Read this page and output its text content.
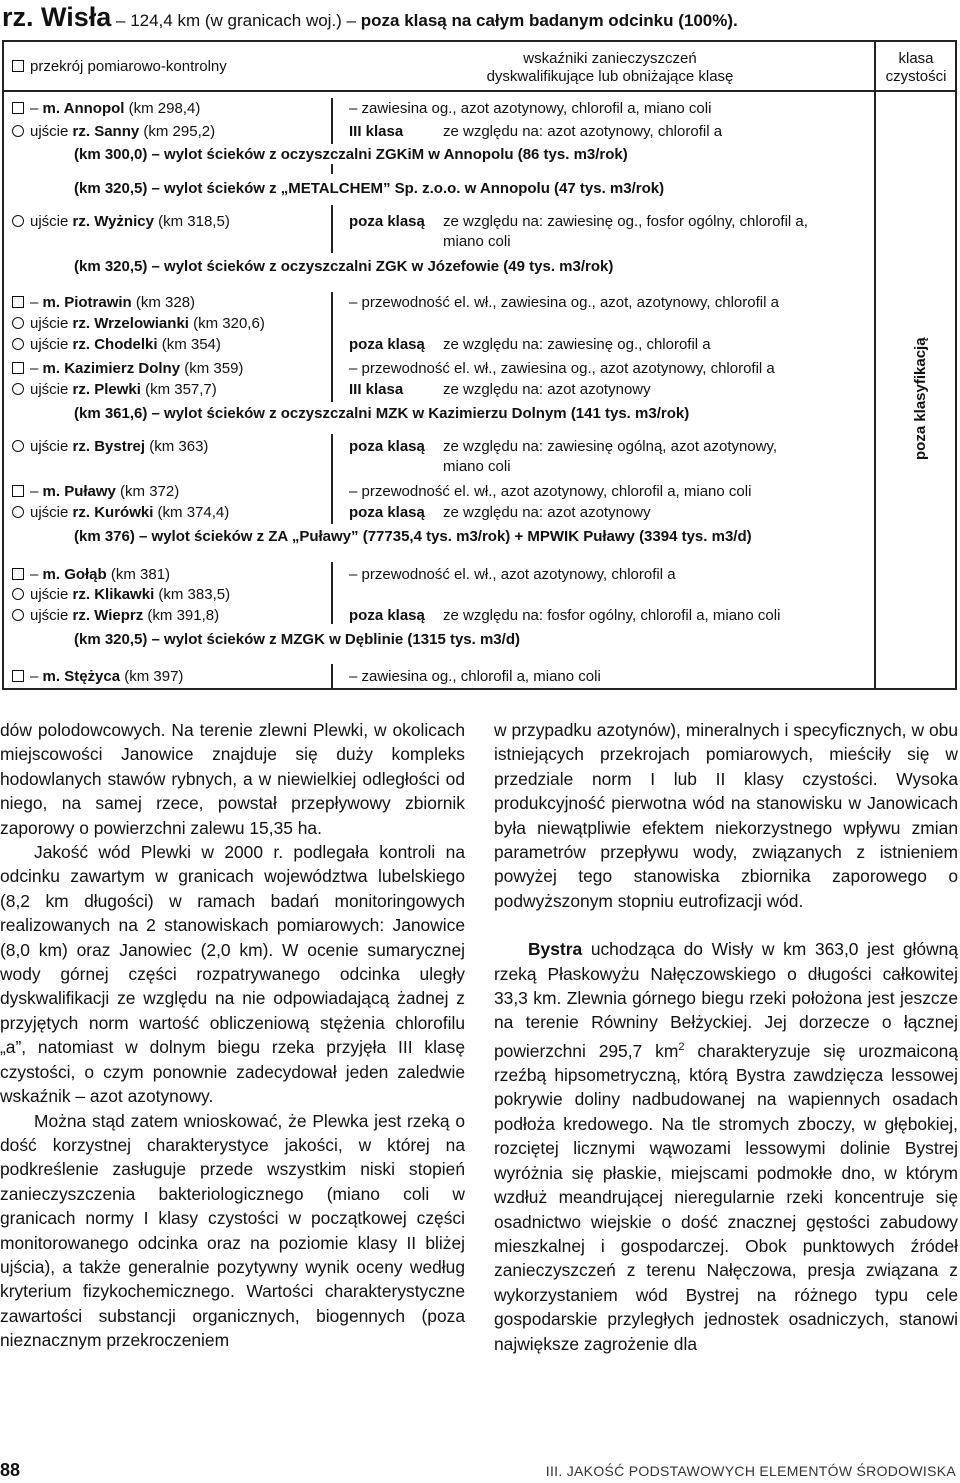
rz. Wisła – 124,4 km (w granicach woj.) – poza klasą na całym badanym odcinku (100%).
przekrój pomiarowo-kontrolny	wskaźniki zanieczyszczeń
dyskwalifikujące lub obniżające klasę
klasa
czystości
poza klasyfikacją
– m. Annopol (km 298,4)	– zawiesina og., azot azotynowy, chlorofil a, miano coli
ujście rz. Sanny (km 295,2)	III klasa	ze względu na: azot azotynowy, chlorofil a
(km 300,0) – wylot ścieków z oczyszczalni ZGKiM w Annopolu (86 tys. m3/rok)
(km 320,5) – wylot ścieków z „METALCHEM” Sp. z.o.o. w Annopolu (47 tys. m3/rok)
ujście rz. Wyżnicy (km 318,5)	poza klasą ze względu na: zawiesinę og., fosfor ogólny, chlorofil a,
miano coli
(km 320,5) – wylot ścieków z oczyszczalni ZGK w Józefowie (49 tys. m3/rok)
– m. Piotrawin (km 328)	– przewodność el. wł., zawiesina og., azot, azotynowy, chlorofil a
ujście rz. Wrzelowianki (km 320,6)
ujście rz. Chodelki (km 354)	poza klasą ze względu na: zawiesinę og., chlorofil a
– m. Kazimierz Dolny (km 359)	– przewodność el. wł., zawiesina og., azot azotynowy, chlorofil a
ujście rz. Plewki (km 357,7)	III klasa	ze względu na: azot azotynowy
(km 361,6) – wylot ścieków z oczyszczalni MZK w Kazimierzu Dolnym (141 tys. m3/rok)
ujście rz. Bystrej (km 363)	poza klasą ze względu na: zawiesinę ogólną, azot azotynowy,
miano coli
– m. Puławy (km 372)	– przewodność el. wł., azot azotynowy, chlorofil a, miano coli
ujście rz. Kurówki (km 374,4)	poza klasą ze względu na: azot azotynowy
(km 376) – wylot ścieków z ZA „Puławy” (77735,4 tys. m3/rok) + MPWIK Puławy (3394 tys. m3/d)
– m. Gołąb (km 381)	– przewodność el. wł., azot azotynowy, chlorofil a
ujście rz. Klikawki (km 383,5)
ujście rz. Wieprz (km 391,8)	poza klasą ze względu na: fosfor ogólny, chlorofil a, miano coli
(km 320,5) – wylot ścieków z MZGK w Dęblinie (1315 tys. m3/d)
– m. Stężyca (km 397)	– zawiesina og., chlorofil a, miano coli

dów polodowcowych. Na terenie zlewni Plewki, w okolicach miejscowości Janowice znajduje się duży kompleks hodowlanych stawów rybnych, a w niewielkiej odległości od niego, na samej rzece, powstał przepływowy zbiornik zaporowy o powierzchni zalewu 15,35 ha.

Jakość wód Plewki w 2000 r. podlegała kontroli na odcinku zawartym w granicach województwa lubelskiego (8,2 km długości) w ramach badań monitoringowych realizowanych na 2 stanowiskach pomiarowych: Janowice (8,0 km) oraz Janowiec (2,0 km). W ocenie sumarycznej wody górnej części rozpatrywanego odcinka uległy dyskwalifikacji ze względu na nie odpowiadającą żadnej z przyjętych norm wartość obliczeniową stężenia chlorofilu „a”, natomiast w dolnym biegu rzeka przyjęła III klasę czystości, o czym ponownie zadecydował jeden zaledwie wskaźnik – azot azotynowy.

Można stąd zatem wnioskować, że Plewka jest rzeką o dość korzystnej charakterystyce jakości, w której na podkreślenie zasługuje przede wszystkim niski stopień zanieczyszczenia bakteriologicznego (miano coli w granicach normy I klasy czystości w początkowej części monitorowanego odcinka oraz na poziomie klasy II bliżej ujścia), a także generalnie pozytywny wynik oceny według kryterium fizykochemicznego. Wartości charakterystyczne zawartości substancji organicznych, biogennych (poza nieznacznym przekroczeniem

w przypadku azotynów), mineralnych i specyficznych, w obu istniejących przekrojach pomiarowych, mieściły się w przedziale norm I lub II klasy czystości. Wysoka produkcyjność pierwotna wód na stanowisku w Janowicach była niewątpliwie efektem niekorzystnego wpływu zmian parametrów przepływu wody, związanych z istnieniem powyżej tego stanowiska zbiornika zaporowego o podwyższonym stopniu eutrofizacji wód.

Bystra uchodząca do Wisły w km 363,0 jest główną rzeką Płaskowyżu Nałęczowskiego o długości całkowitej 33,3 km. Zlewnia górnego biegu rzeki położona jest jeszcze na terenie Równiny Bełżyckiej. Jej dorzecze o łącznej powierzchni 295,7 $km^2$ charakteryzuje się urozmaiconą rzeźbą hipsometryczną, którą Bystra zawdzięcza lessowej pokrywie doliny nadbudowanej na wapiennych osadach podłoża kredowego. Na tle stromych zboczy, w głębokiej, rozciętej licznymi wąwozami lessowymi dolinie Bystrej wyróżnia się płaskie, miejscami podmokłe dno, w którym wzdłuż meandrującej nieregularnie rzeki koncentruje się osadnictwo wiejskie o dość znacznej gęstości zabudowy mieszkalnej i gospodarczej. Obok punktowych źródeł zanieczyszczeń z terenu Nałęczowa, presja związana z wykorzystaniem wód Bystrej na różnego typu cele gospodarskie przyległych jednostek osadniczych, stanowi największe zagrożenie dla

88	III. JAKOŚĆ PODSTAWOWYCH ELEMENTÓW ŚRODOWISKA
